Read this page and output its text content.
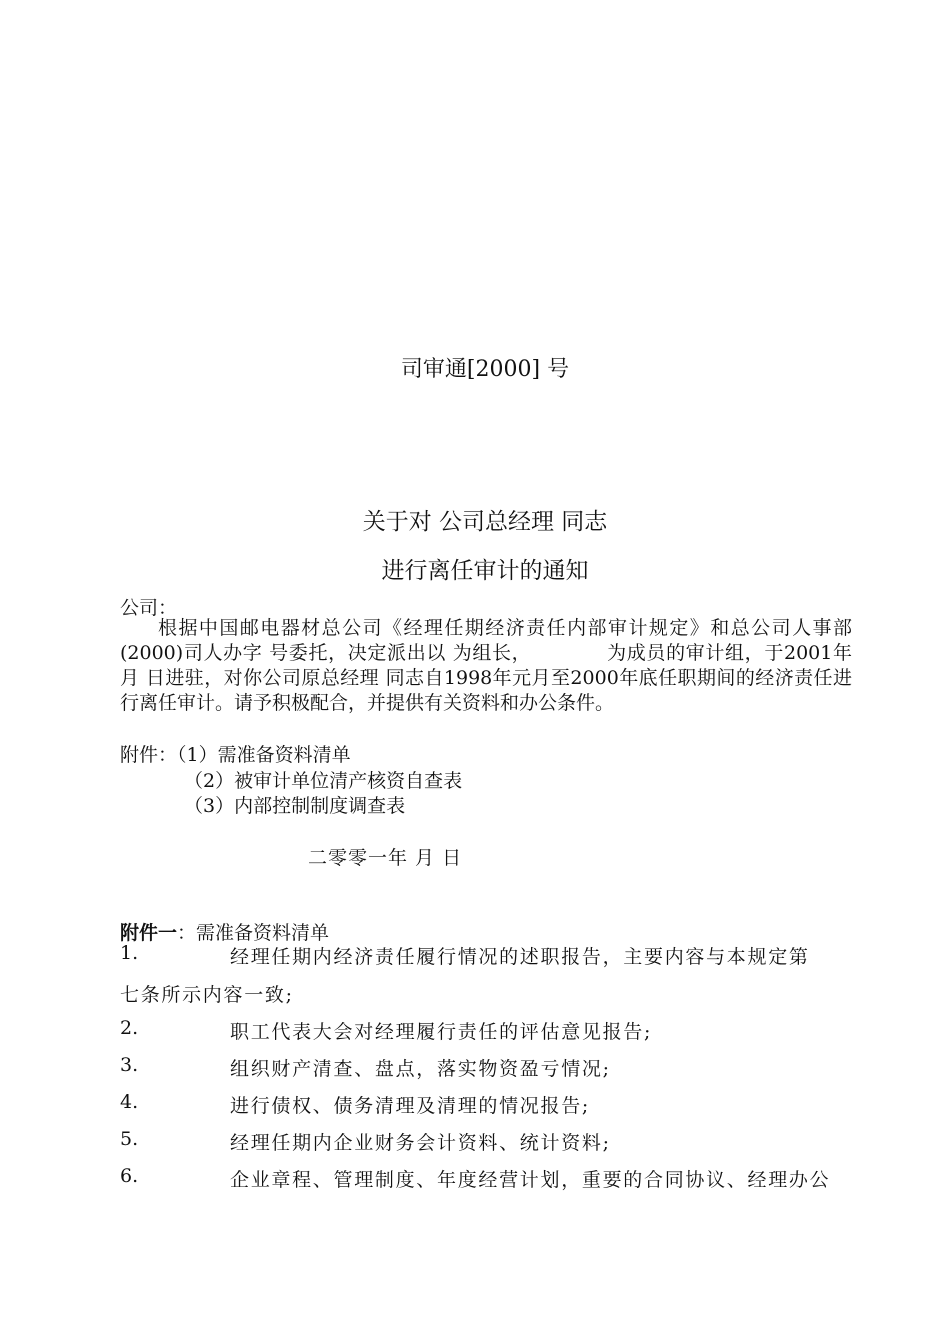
司审通[2000] 号
关于对 公司总经理 同志
进行离任审计的通知
公司：
根据中国邮电器材总公司《经理任期经济责任内部审计规定》和总公司人事部(2000)司人办字 号委托，决定派出以 为组长，　　　　 为成员的审计组，于2001年 月 日进驻，对你公司原总经理 同志自1998年元月至2000年底任职期间的经济责任进行离任审计。请予积极配合，并提供有关资料和办公条件。
附件：（1）需准备资料清单
（2）被审计单位清产核资自查表
（3）内部控制制度调查表
二零零一年 月 日
附件一：需准备资料清单
1.	经理任期内经济责任履行情况的述职报告，主要内容与本规定第
七条所示内容一致;
2.	职工代表大会对经理履行责任的评估意见报告;
3.	组织财产清查、盘点，落实物资盈亏情况;
4.	进行债权、债务清理及清理的情况报告;
5.	经理任期内企业财务会计资料、统计资料;
6.	企业章程、管理制度、年度经营计划，重要的合同协议、经理办公
